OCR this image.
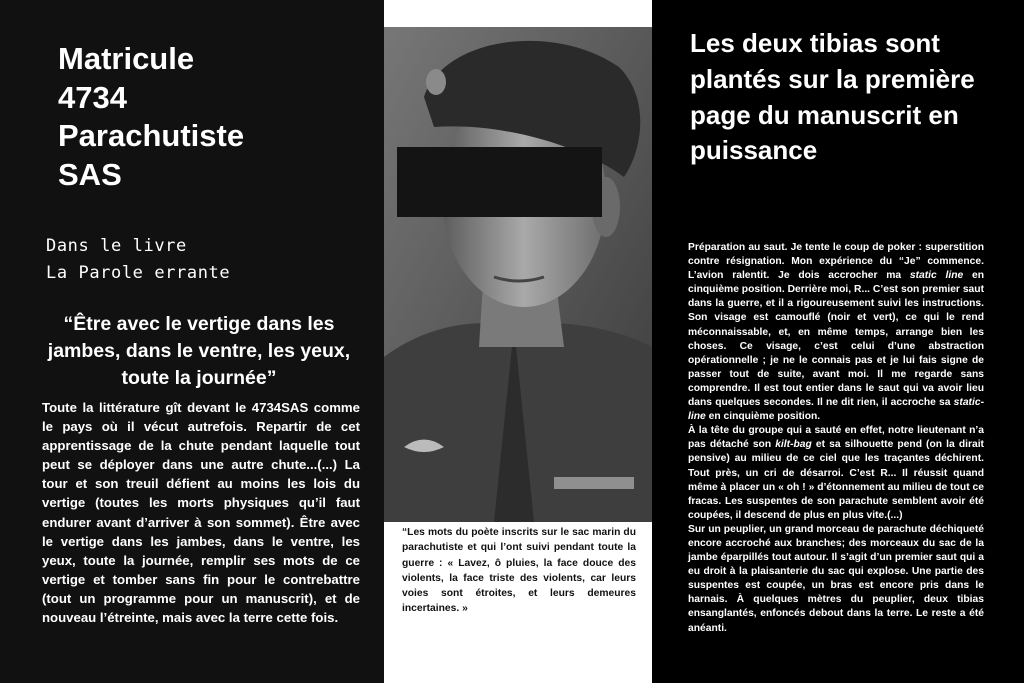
Matricule
4734
Parachutiste
SAS
Dans le livre
La Parole errante

“Être avec le vertige dans les jambes, dans le ventre, les yeux, toute la journée”

Toute la littérature gît devant le 4734SAS comme le pays où il vécut autrefois. Repartir de cet apprentissage de la chute pendant laquelle tout peut se déployer dans une autre chute...(...) La tour et son treuil défient au moins les lois du vertige (toutes les morts physiques qu’il faut endurer avant d’arriver à son sommet). Être avec le vertige dans les jambes, dans le ventre, les yeux, toute la journée, remplir ses mots de ce vertige et tomber sans fin pour le contrebattre (tout un programme pour un manuscrit), et de nouveau l’étreinte, mais avec la terre cette fois.

“Les mots du poète inscrits sur le sac marin du parachutiste et qui l’ont suivi pendant toute la guerre : « Lavez, ô pluies, la face douce des violents, la face triste des violents, car leurs voies sont étroites, et leurs demeures incertaines. »

Les deux tibias sont plantés sur la première page du manuscrit en puissance

Préparation au saut. Je tente le coup de poker : superstition contre résignation. Mon expérience du “Je” commence. L’avion ralentit. Je dois accrocher ma static line en cinquième position. Derrière moi, R... C’est son premier saut dans la guerre, et il a rigoureusement suivi les instructions. Son visage est camouflé (noir et vert), ce qui le rend méconnaissable, et, en même temps, arrange bien les choses. Ce visage, c’est celui d’une abstraction opérationnelle ; je ne le connais pas et je lui fais signe de passer tout de suite, avant moi. Il me regarde sans comprendre. Il est tout entier dans le saut qui va avoir lieu dans quelques secondes. Il ne dit rien, il accroche sa static-line en cinquième position.

À la tête du groupe qui a sauté en effet, notre lieutenant n’a pas détaché son kilt-bag et sa silhouette pend (on la dirait pensive) au milieu de ce ciel que les traçantes déchirent. Tout près, un cri de désarroi. C’est R... Il réussit quand même à placer un « oh ! » d’étonnement au milieu de tout ce fracas. Les suspentes de son parachute semblent avoir été coupées, il descend de plus en plus vite.(...)

Sur un peuplier, un grand morceau de parachute déchiqueté encore accroché aux branches; des morceaux du sac de la jambe éparpillés tout autour. Il s’agit d’un premier saut qui a eu droit à la plaisanterie du sac qui explose. Une partie des suspentes est coupée, un bras est encore pris dans le harnais. À quelques mètres du peuplier, deux tibias ensanglantés, enfoncés debout dans la terre. Le reste a été anéanti.
